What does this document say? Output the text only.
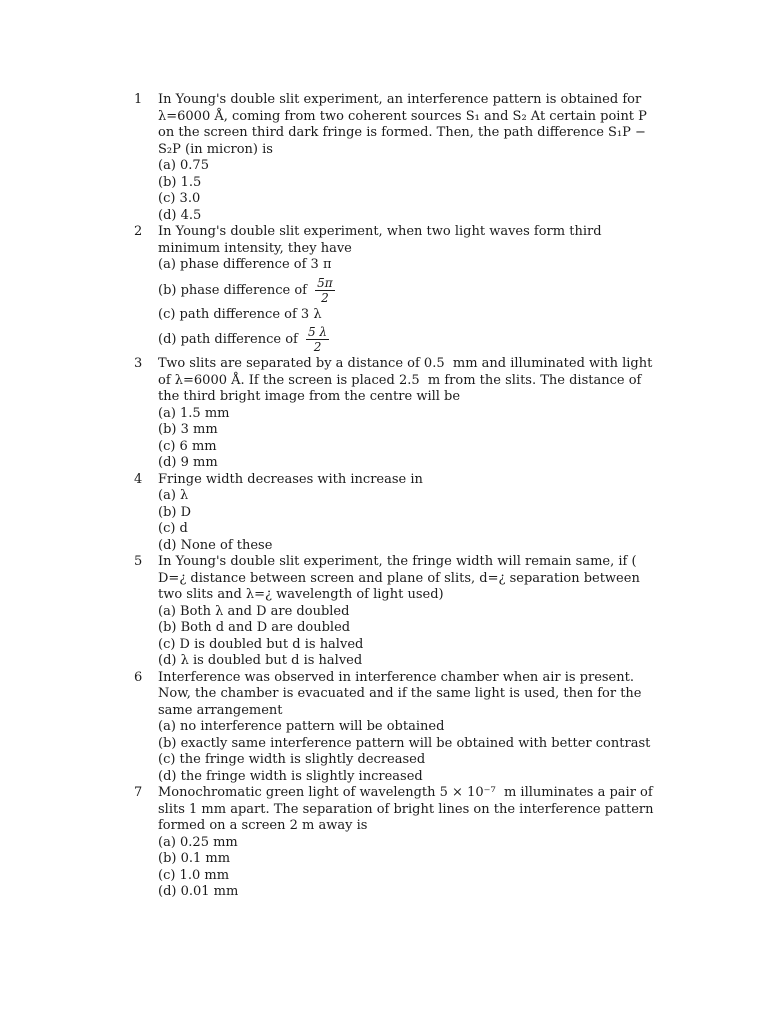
1	In Young's double slit experiment, an interference pattern is obtained for λ=6000 Å, coming from two coherent sources S₁ and S₂ At certain point P on the screen third dark fringe is formed. Then, the path difference S₁P − S₂P (in micron) is
(a) 0.75
(b) 1.5
(c) 3.0
(d) 4.5
2	In Young's double slit experiment, when two light waves form third minimum intensity, they have
(a) phase difference of 3 π
(b) phase difference of $\frac{5\pi}{2}$
(c) path difference of 3 λ
(d) path difference of $\frac{5 \lambda}{2}$
3	Two slits are separated by a distance of 0.5  mm and illuminated with light of λ=6000 Å. If the screen is placed 2.5  m from the slits. The distance of the third bright image from the centre will be
(a) 1.5 mm
(b) 3 mm
(c) 6 mm
(d) 9 mm
4	Fringe width decreases with increase in
(a) λ
(b) D
(c) d
(d) None of these
5	In Young's double slit experiment, the fringe width will remain same, if ( D=¿ distance between screen and plane of slits, d=¿ separation between two slits and λ=¿ wavelength of light used)
(a) Both λ and D are doubled
(b) Both d and D are doubled
(c) D is doubled but d is halved
(d) λ is doubled but d is halved
6	Interference was observed in interference chamber when air is present. Now, the chamber is evacuated and if the same light is used, then for the same arrangement
(a) no interference pattern will be obtained
(b) exactly same interference pattern will be obtained with better contrast
(c) the fringe width is slightly decreased
(d) the fringe width is slightly increased
7	Monochromatic green light of wavelength 5 × 10⁻⁷  m illuminates a pair of slits 1 mm apart. The separation of bright lines on the interference pattern formed on a screen 2 m away is
(a) 0.25 mm
(b) 0.1 mm
(c) 1.0 mm
(d) 0.01 mm
